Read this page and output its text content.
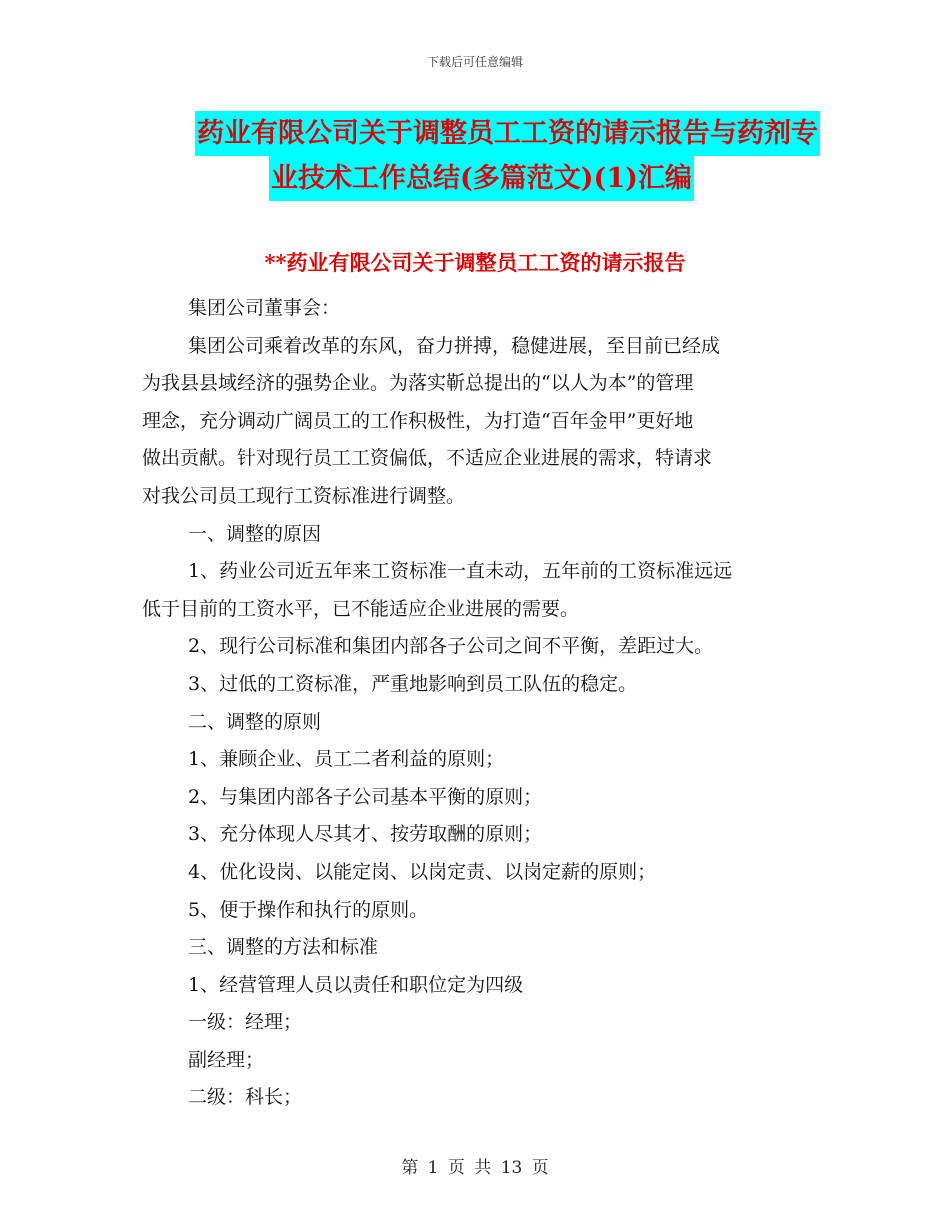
下载后可任意编辑
药业有限公司关于调整员工工资的请示报告与药剂专
业技术工作总结(多篇范文)(1)汇编
**药业有限公司关于调整员工工资的请示报告

集团公司董事会：

集团公司乘着改革的东风，奋力拼搏，稳健进展，至目前已经成

为我县县域经济的强势企业。为落实靳总提出的“以人为本”的管理

理念，充分调动广阔员工的工作积极性，为打造“百年金甲”更好地

做出贡献。针对现行员工工资偏低，不适应企业进展的需求，特请求

对我公司员工现行工资标准进行调整。

一、调整的原因

1、药业公司近五年来工资标准一直未动，五年前的工资标准远远

低于目前的工资水平，已不能适应企业进展的需要。

2、现行公司标准和集团内部各子公司之间不平衡，差距过大。

3、过低的工资标准，严重地影响到员工队伍的稳定。

二、调整的原则

1、兼顾企业、员工二者利益的原则；

2、与集团内部各子公司基本平衡的原则；

3、充分体现人尽其才、按劳取酬的原则；

4、优化设岗、以能定岗、以岗定责、以岗定薪的原则；

5、便于操作和执行的原则。

三、调整的方法和标准

1、经营管理人员以责任和职位定为四级

一级：经理；

副经理；

二级：科长；

第 1 页 共 13 页
